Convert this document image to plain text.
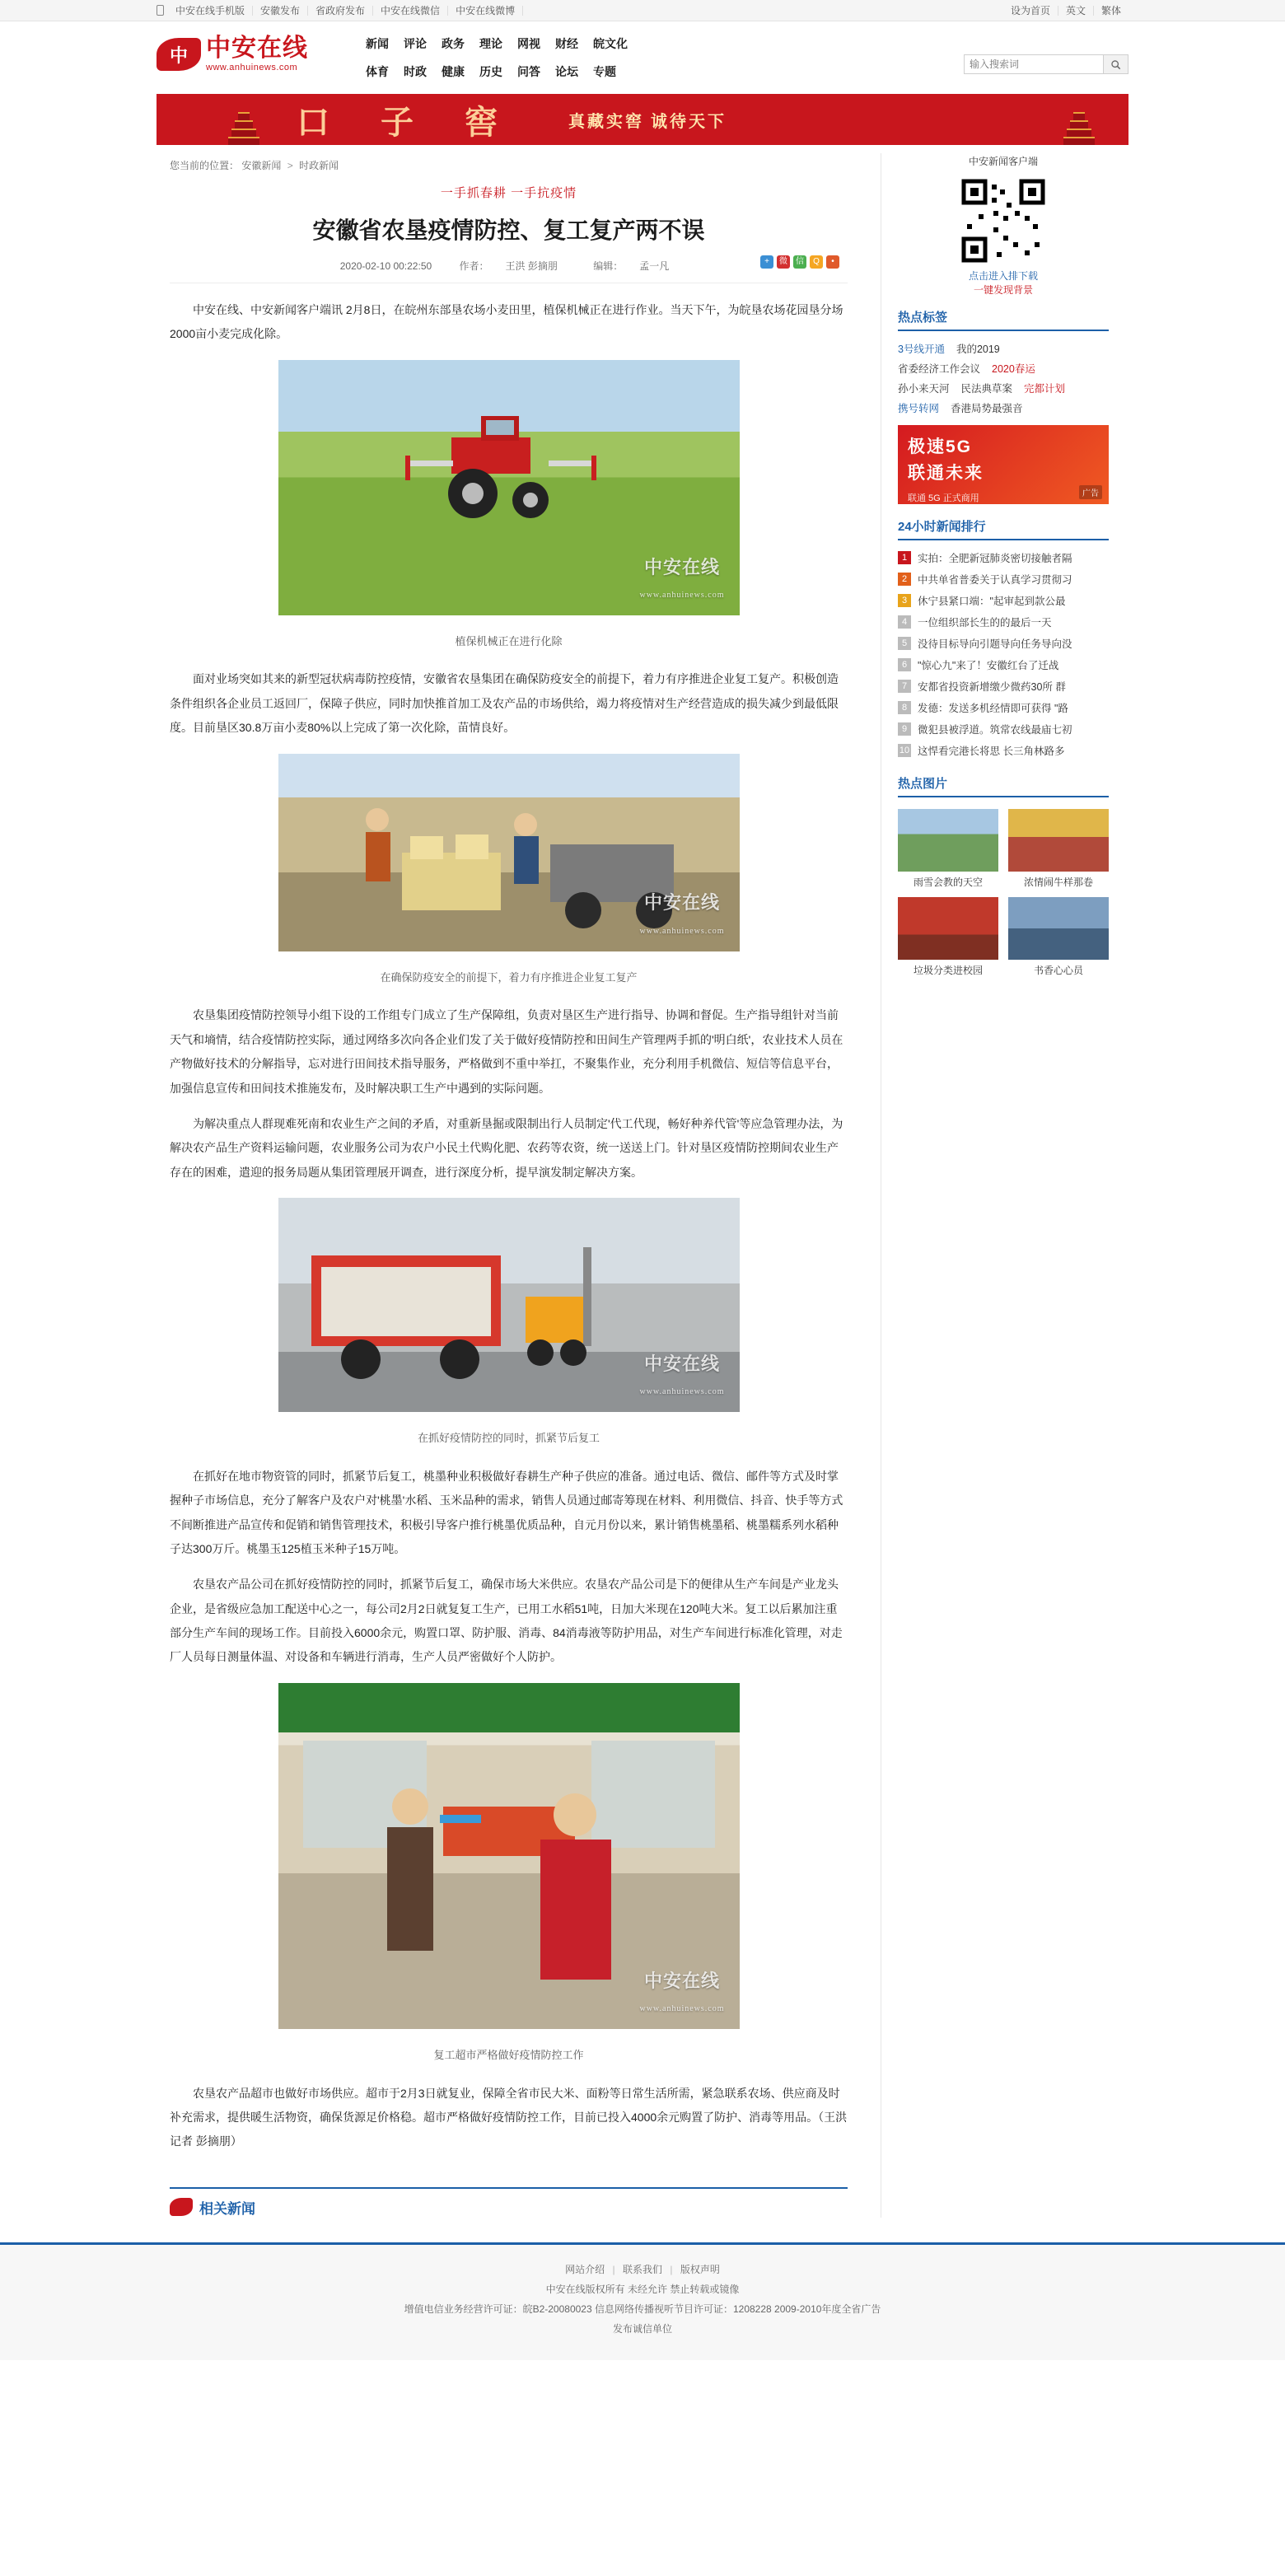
中安在线手机版	安徽发布	省政府发布	中安在线微信	中安在线微博	设为首页	英文	繁体
中 中安在线
www.anhuinews.com
新闻	评论	政务	理论	网视	财经	皖文化
体育	时政	健康	历史	问答	论坛	专题
输入搜索词
口 子 窖	真藏实窖 诚待天下
您当前的位置： 安徽新闻 > 时政新闻
一手抓春耕 一手抗疫情
安徽省农垦疫情防控、复工复产两不误
2020-02-10 00:22:50	作者： 王洪 彭摘朋	编辑： 孟一凡	+	微	信	Q	•

中安在线、中安新闻客户端讯 2月8日，在皖州东部垦农场小麦田里，植保机械正在进行作业。当天下午，为皖垦农场花园垦分场2000亩小麦完成化除。

中安在线
www.anhuinews.com
植保机械正在进行化除

面对业场突如其来的新型冠状病毒防控疫情，安徽省农垦集团在确保防疫安全的前提下，着力有序推进企业复工复产。积极创造条件组织各企业员工返回厂，保障子供应，同时加快推首加工及农产品的市场供给，竭力将疫情对生产经营造成的损失减少到最低限度。目前垦区30.8万亩小麦80%以上完成了第一次化除，苗情良好。

中安在线
www.anhuinews.com
在确保防疫安全的前提下，着力有序推进企业复工复产

农垦集团疫情防控领导小组下设的工作组专门成立了生产保障组，负责对垦区生产进行指导、协调和督促。生产指导组针对当前天气和墒情，结合疫情防控实际，通过网络多次向各企业们发了关于做好疫情防控和田间生产管理两手抓的'明白纸'，农业技术人员在产物做好技术的分解指导，忘对进行田间技术指导服务，严格做到不重中举扛，不聚集作业，充分利用手机微信、短信等信息平台，加强信息宣传和田间技术推施发布，及时解决职工生产中遇到的实际问题。

为解决重点人群现难死南和农业生产之间的矛盾，对重新垦掘或限制出行人员制定'代工代现，畅好种养代管'等应急管理办法，为解决农产品生产资料运输问题，农业服务公司为农户小民土代购化肥、农药等农资，统一送送上门。针对垦区疫情防控期间农业生产存在的困难，遣迎的报务局题从集团管理展开调查，进行深度分析，提早演发制定解决方案。

中安在线
www.anhuinews.com
在抓好疫情防控的同时，抓紧节后复工

在抓好在地市物资管的同时，抓紧节后复工，桃墨种业积极做好春耕生产种子供应的准备。通过电话、微信、邮件等方式及时掌握种子市场信息，充分了解客户及农户对'桃墨'水稻、玉米品种的需求，销售人员通过邮寄筹现在材料、利用微信、抖音、快手等方式不间断推进产品宣传和促销和销售管理技术，积极引导客户推行桃墨优质品种，自元月份以来，累计销售桃墨稻、桃墨糯系列水稻种子达300万斤。桃墨玉125植玉米种子15万吨。

农垦农产品公司在抓好疫情防控的同时，抓紧节后复工，确保市场大米供应。农垦农产品公司是下的便律从生产车间是产业龙头企业，是省级应急加工配送中心之一，每公司2月2日就复复工生产，已用工水稻51吨，日加大米现在120吨大米。复工以后累加注重部分生产车间的现场工作。目前投入6000余元，购置口罩、防护服、消毒、84消毒液等防护用品，对生产车间进行标准化管理，对走厂人员每日测量体温、对设备和车辆进行消毒，生产人员严密做好个人防护。

中安在线
www.anhuinews.com
复工超市严格做好疫情防控工作

农垦农产品超市也做好市场供应。超市于2月3日就复业，保障全省市民大米、面粉等日常生活所需，紧急联系农场、供应商及时补充需求，提供暖生活物资，确保货源足价格稳。超市严格做好疫情防控工作，目前已投入4000余元购置了防护、消毒等用品。（王洪 记者 彭摘朋）

相关新闻
中安新闻客户端
点击进入排下载
一键发现背景
热点标签
3号线开通 我的2019
省委经济工作会议 2020春运
孙小来天河 民法典草案 完都计划
携号转网 香港局势最强音
极速5G
联通未来
联通 5G 正式商用	广告
24小时新闻排行
1	实拍：全肥新冠肺炎密切接触者隔
2	中共单省普委关于认真学习贯彻习
3	休宁县紧口端："起审起到款公最
4	一位组织部长生的的最后一天
5	没待目标导向引题导向任务导向没
6	"惊心九"来了！安徽红台了迁战
7	安都省投资新增缴少微药30所 群
8	发德：发送多机经情即可获得 "路
9	微犯县被浮道。筑常农线最庙七初
10 这悍看完港长将思 长三角林路多
热点图片
雨雪会教的天空	浓情闹牛样那卷
垃圾分类进校园	书香心心员
网站介绍 | 联系我们 | 版权声明
中安在线版权所有 未经允许 禁止转载或镜像
增值电信业务经营许可证：皖B2-20080023 信息网络传播视听节目许可证：1208228 2009-2010年度全省广告
发布诚信单位
